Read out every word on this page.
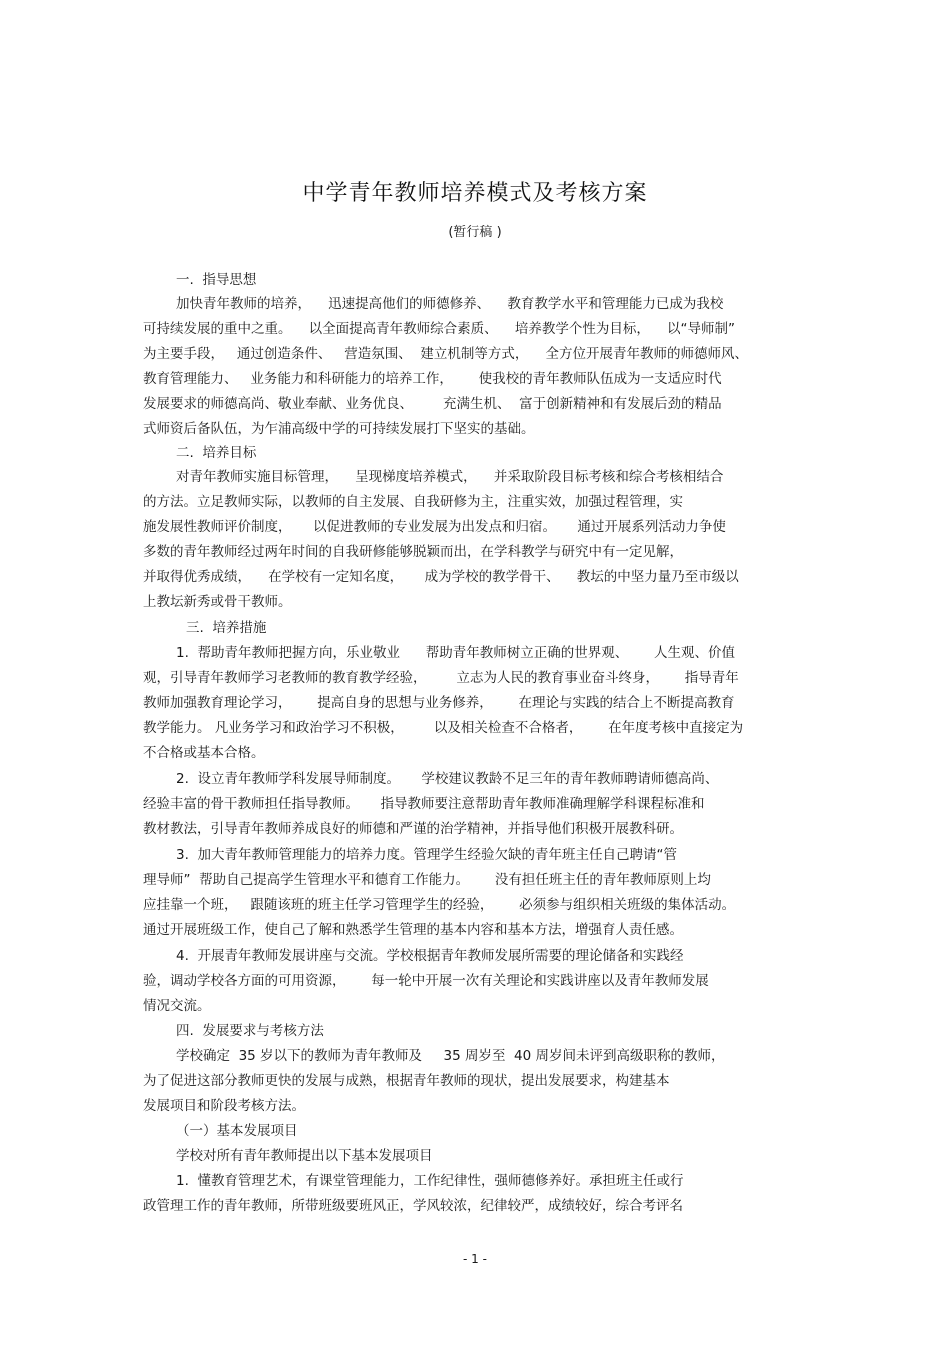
中学青年教师培养模式及考核方案
(暂行稿 )
一.  指导思想
加快青年教师的培养，    迅速提高他们的师德修养、    教育教学水平和管理能力已成为我校
可持续发展的重中之重。    以全面提高青年教师综合素质、    培养教学个性为目标，    以“导师制”
为主要手段，   通过创造条件、   营造氛围、  建立机制等方式，    全方位开展青年教师的师德师风、
教育管理能力、   业务能力和科研能力的培养工作，      使我校的青年教师队伍成为一支适应时代
发展要求的师德高尚、敬业奉献、业务优良、       充满生机、  富于创新精神和有发展后劲的精品
式师资后备队伍，为乍浦高级中学的可持续发展打下坚实的基础。
二.  培养目标
对青年教师实施目标管理，    呈现梯度培养模式，    并采取阶段目标考核和综合考核相结合
的方法。立足教师实际，以教师的自主发展、自我研修为主，注重实效，加强过程管理，实
施发展性教师评价制度，     以促进教师的专业发展为出发点和归宿。     通过开展系列活动力争使
多数的青年教师经过两年时间的自我研修能够脱颖而出，在学科教学与研究中有一定见解，
并取得优秀成绩，    在学校有一定知名度，     成为学校的教学骨干、    教坛的中坚力量乃至市级以
上教坛新秀或骨干教师。
三.  培养措施
1.  帮助青年教师把握方向，乐业敬业      帮助青年教师树立正确的世界观、      人生观、价值
观，引导青年教师学习老教师的教育教学经验，       立志为人民的教育事业奋斗终身，      指导青年
教师加强教育理论学习，      提高自身的思想与业务修养，      在理论与实践的结合上不断提高教育
教学能力。 凡业务学习和政治学习不积极，       以及相关检查不合格者，      在年度考核中直接定为
不合格或基本合格。
2.  设立青年教师学科发展导师制度。     学校建议教龄不足三年的青年教师聘请师德高尚、
经验丰富的骨干教师担任指导教师。     指导教师要注意帮助青年教师准确理解学科课程标准和
教材教法，引导青年教师养成良好的师德和严谨的治学精神，并指导他们积极开展教科研。
3.  加大青年教师管理能力的培养力度。管理学生经验欠缺的青年班主任自己聘请“管
理导师”  帮助自己提高学生管理水平和德育工作能力。      没有担任班主任的青年教师原则上均
应挂靠一个班，   跟随该班的班主任学习管理学生的经验，      必须参与组织相关班级的集体活动。
通过开展班级工作，使自己了解和熟悉学生管理的基本内容和基本方法，增强育人责任感。
4.  开展青年教师发展讲座与交流。学校根据青年教师发展所需要的理论储备和实践经
验，调动学校各方面的可用资源，      每一轮中开展一次有关理论和实践讲座以及青年教师发展
情况交流。
四.  发展要求与考核方法
学校确定  35 岁以下的教师为青年教师及     35 周岁至  40 周岁间未评到高级职称的教师，
为了促进这部分教师更快的发展与成熟，根据青年教师的现状，提出发展要求，构建基本
发展项目和阶段考核方法。
（一）基本发展项目
学校对所有青年教师提出以下基本发展项目
1.  懂教育管理艺术，有课堂管理能力，工作纪律性，强师德修养好。承担班主任或行
政管理工作的青年教师，所带班级要班风正，学风较浓，纪律较严，成绩较好，综合考评名
- 1 -
